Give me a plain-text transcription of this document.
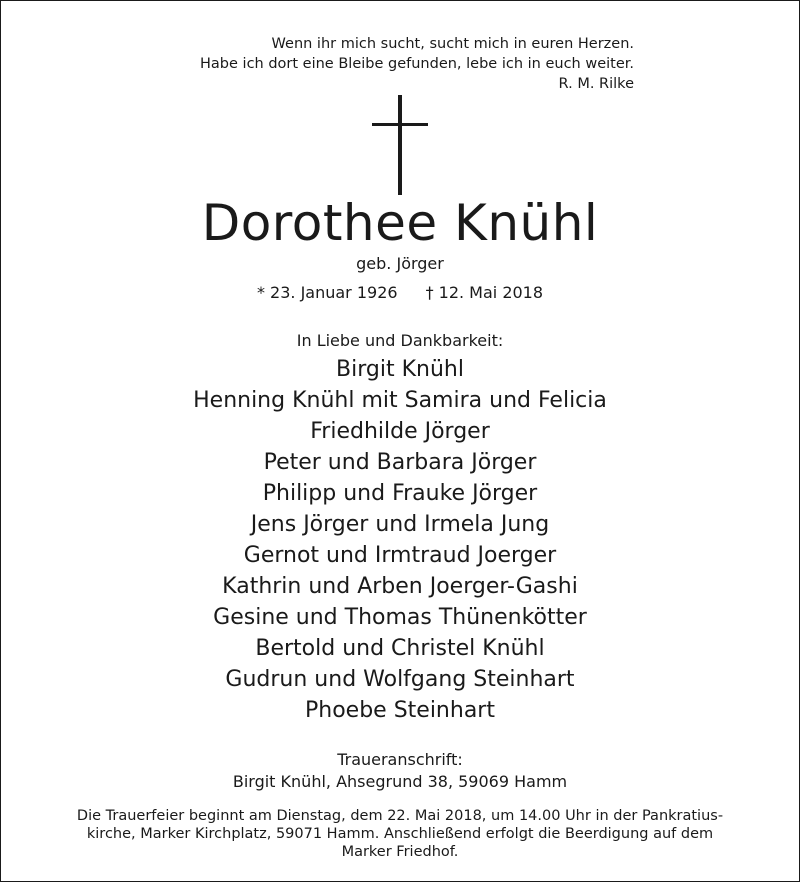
Wenn ihr mich sucht, sucht mich in euren Herzen.
Habe ich dort eine Bleibe gefunden, lebe ich in euch weiter.
R. M. Rilke
Dorothee Knühl
geb. Jörger
* 23. Januar 1926 † 12. Mai 2018
In Liebe und Dankbarkeit:
Birgit Knühl
Henning Knühl mit Samira und Felicia
Friedhilde Jörger
Peter und Barbara Jörger
Philipp und Frauke Jörger
Jens Jörger und Irmela Jung
Gernot und Irmtraud Joerger
Kathrin und Arben Joerger-Gashi
Gesine und Thomas Thünenkötter
Bertold und Christel Knühl
Gudrun und Wolfgang Steinhart
Phoebe Steinhart
Traueranschrift:
Birgit Knühl, Ahsegrund 38, 59069 Hamm
Die Trauerfeier beginnt am Dienstag, dem 22. Mai 2018, um 14.00 Uhr in der Pankratius-
kirche, Marker Kirchplatz, 59071 Hamm. Anschließend erfolgt die Beerdigung auf dem
Marker Friedhof.
